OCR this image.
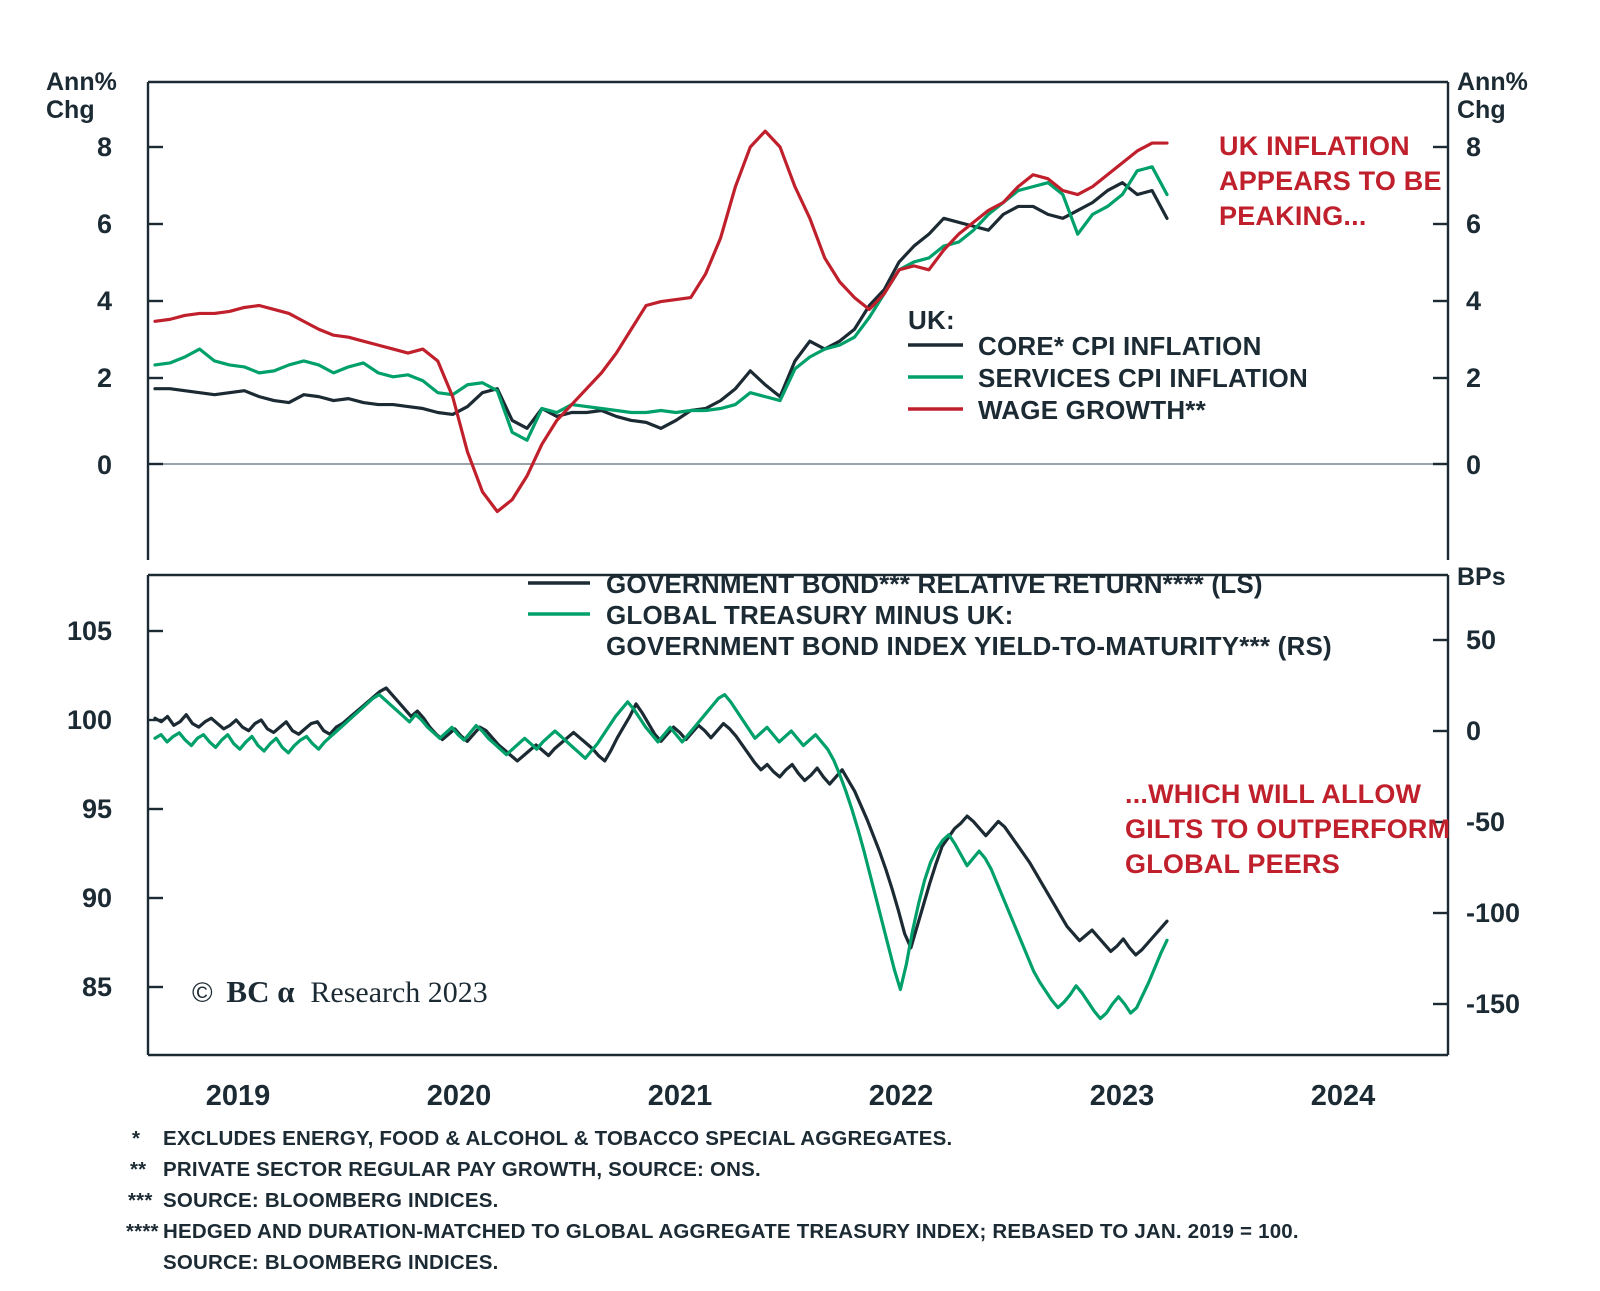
Ann%
Chg
Ann%
Chg
8
6
4
2
0
8
6
4
2
0
UK:
CORE* CPI INFLATION
SERVICES CPI INFLATION
WAGE GROWTH**
UK INFLATION
APPEARS TO BE
PEAKING...
BPs
105
100
95
90
85
50
0
-50
-100
-150
GOVERNMENT BOND*** RELATIVE RETURN**** (LS)
GLOBAL TREASURY MINUS UK:
GOVERNMENT BOND INDEX YIELD-TO-MATURITY*** (RS)
...WHICH WILL ALLOW
GILTS TO OUTPERFORM
GLOBAL PEERS
© BC α Research 2023
2019	2020	2021	2022	2023	2024
* EXCLUDES ENERGY, FOOD & ALCOHOL & TOBACCO SPECIAL AGGREGATES.
** PRIVATE SECTOR REGULAR PAY GROWTH, SOURCE: ONS.
*** SOURCE: BLOOMBERG INDICES.
**** HEDGED AND DURATION-MATCHED TO GLOBAL AGGREGATE TREASURY INDEX; REBASED TO JAN. 2019 = 100.
SOURCE: BLOOMBERG INDICES.
